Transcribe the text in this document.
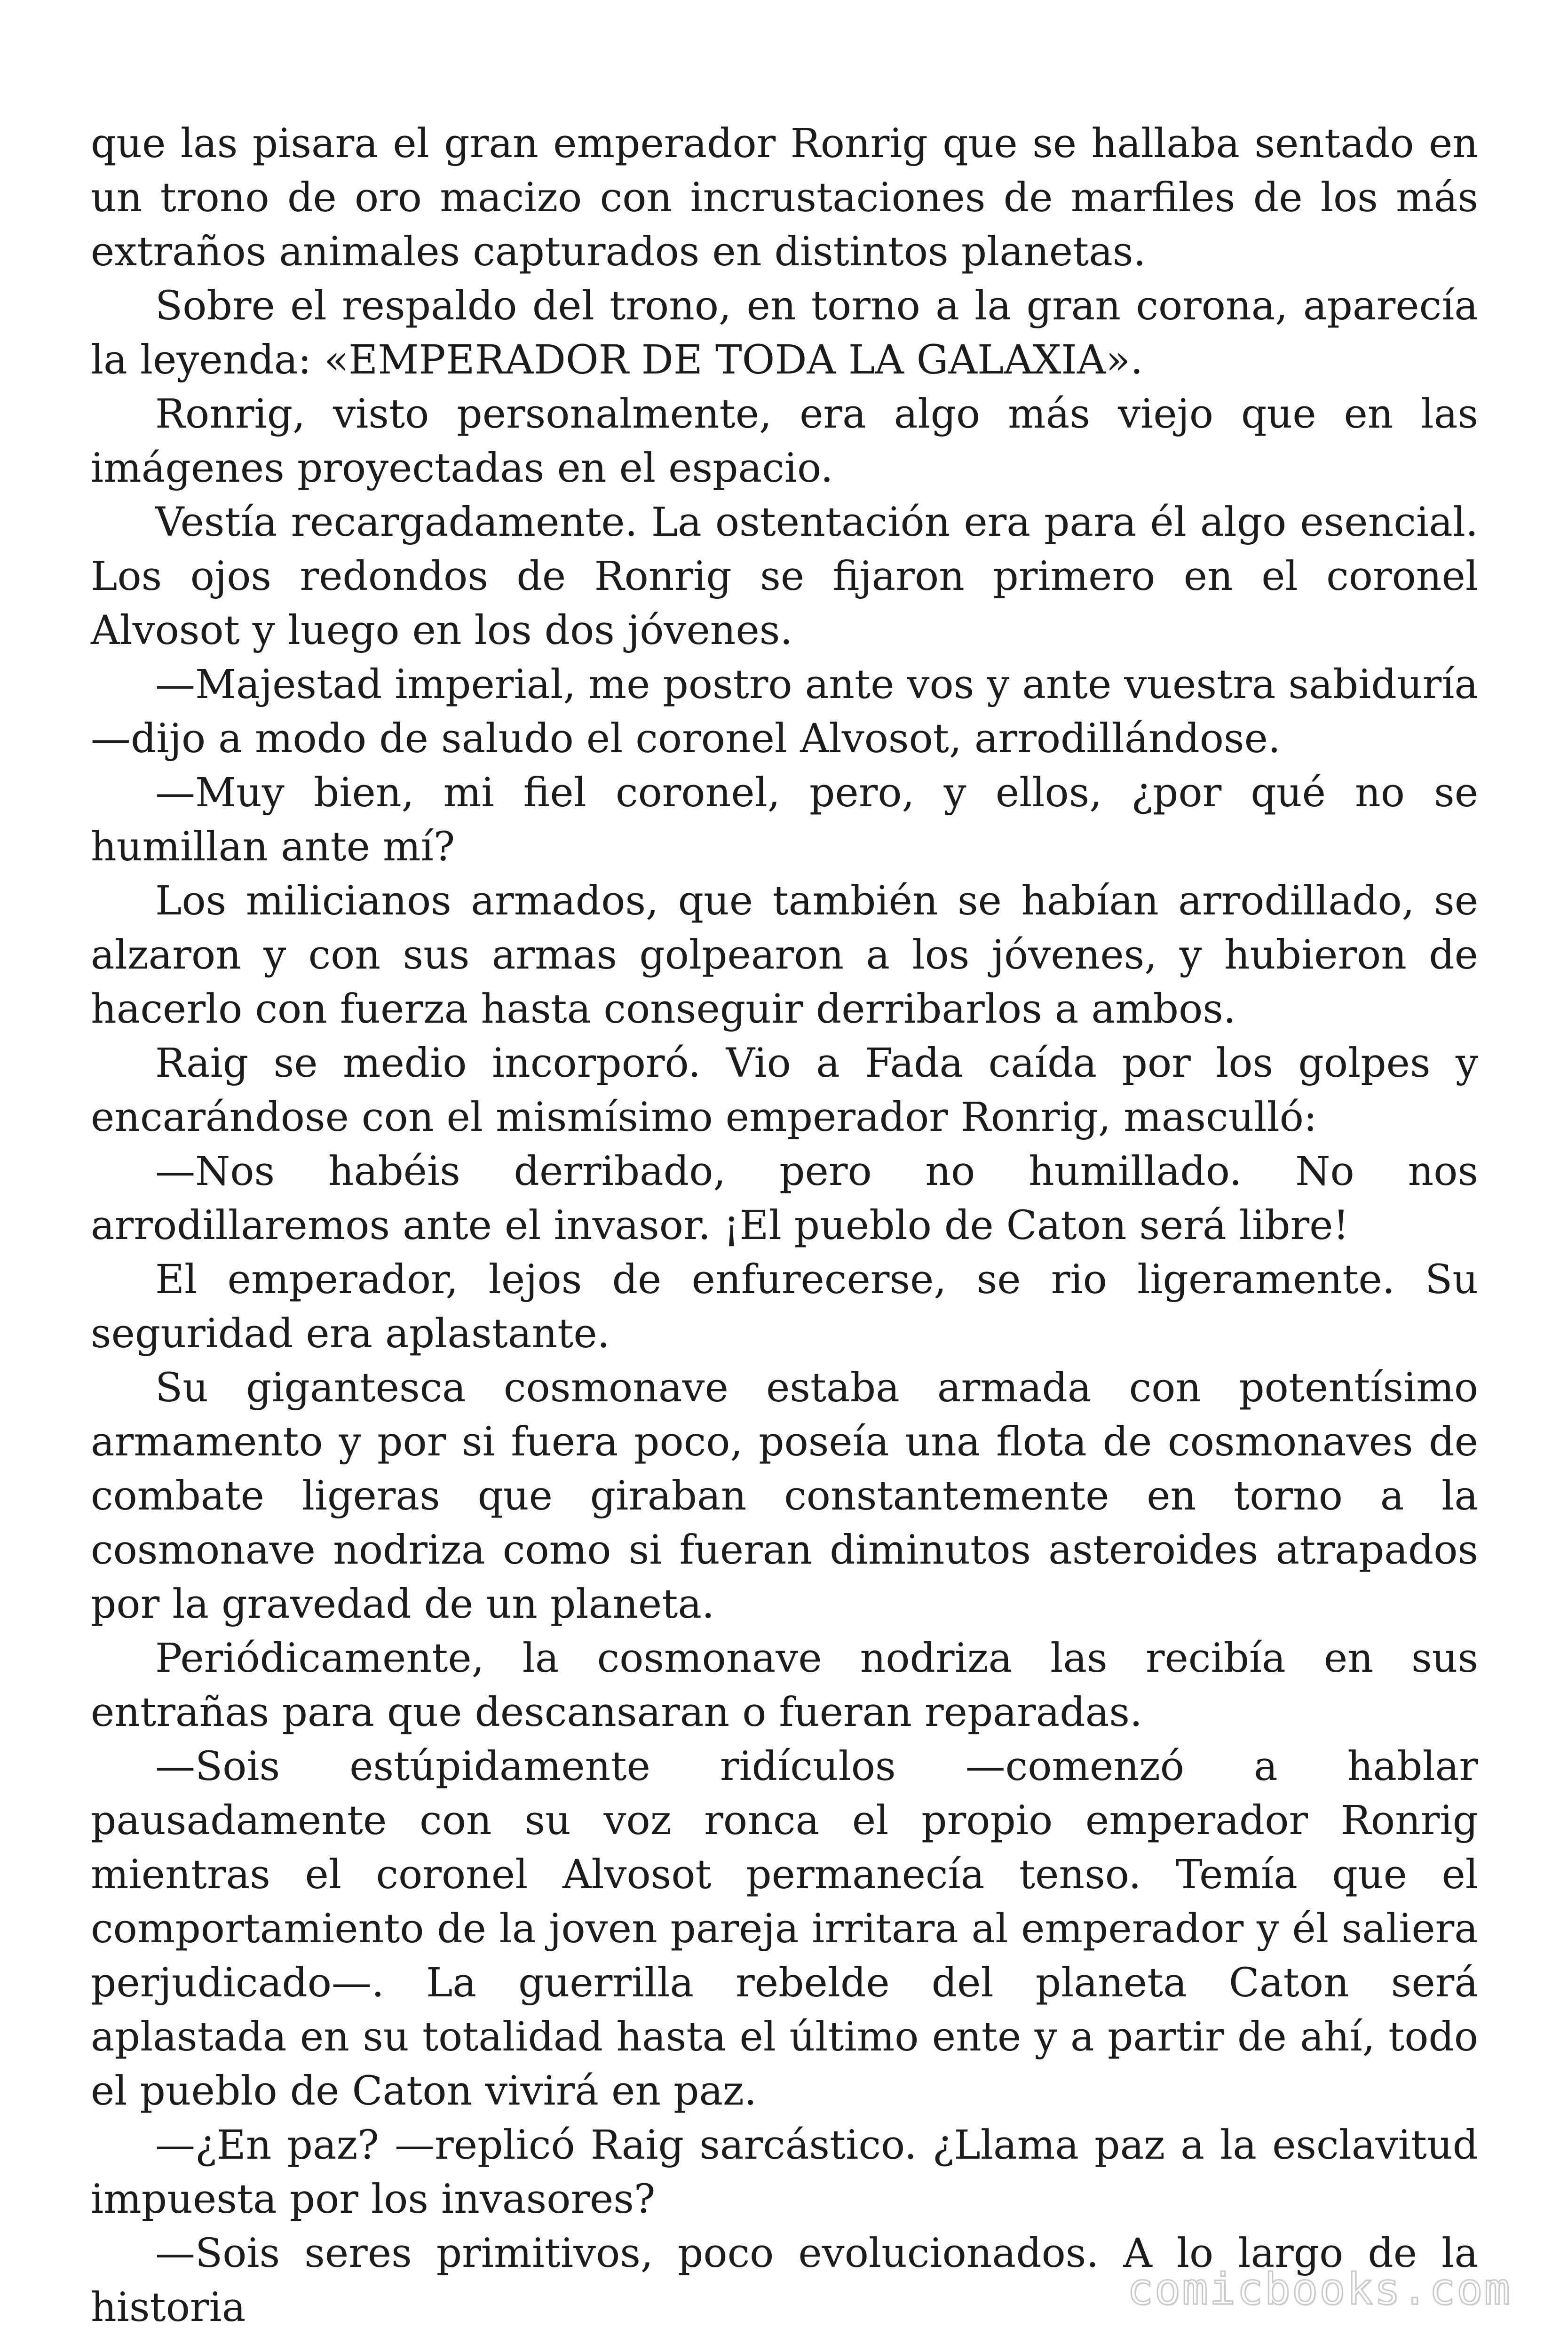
que las pisara el gran emperador Ronrig que se hallaba sentado en un trono de oro macizo con incrustaciones de marfiles de los más extraños animales capturados en distintos planetas.

Sobre el respaldo del trono, en torno a la gran corona, aparecía la leyenda: «EMPERADOR DE TODA LA GALAXIA».

Ronrig, visto personalmente, era algo más viejo que en las imágenes proyectadas en el espacio.

Vestía recargadamente. La ostentación era para él algo esencial. Los ojos redondos de Ronrig se fijaron primero en el coronel Alvosot y luego en los dos jóvenes.

—Majestad imperial, me postro ante vos y ante vuestra sabiduría —dijo a modo de saludo el coronel Alvosot, arrodillándose.

—Muy bien, mi fiel coronel, pero, y ellos, ¿por qué no se humillan ante mí?

Los milicianos armados, que también se habían arrodillado, se alzaron y con sus armas golpearon a los jóvenes, y hubieron de hacerlo con fuerza hasta conseguir derribarlos a ambos.

Raig se medio incorporó. Vio a Fada caída por los golpes y encarándose con el mismísimo emperador Ronrig, masculló:

—Nos habéis derribado, pero no humillado. No nos arrodillaremos ante el invasor. ¡El pueblo de Caton será libre!

El emperador, lejos de enfurecerse, se rio ligeramente. Su seguridad era aplastante.

Su gigantesca cosmonave estaba armada con potentísimo armamento y por si fuera poco, poseía una flota de cosmonaves de combate ligeras que giraban constantemente en torno a la cosmonave nodriza como si fueran diminutos asteroides atrapados por la gravedad de un planeta.

Periódicamente, la cosmonave nodriza las recibía en sus entrañas para que descansaran o fueran reparadas.

—Sois estúpidamente ridículos —comenzó a hablar pausadamente con su voz ronca el propio emperador Ronrig mientras el coronel Alvosot permanecía tenso. Temía que el comportamiento de la joven pareja irritara al emperador y él saliera perjudicado—. La guerrilla rebelde del planeta Caton será aplastada en su totalidad hasta el último ente y a partir de ahí, todo el pueblo de Caton vivirá en paz.

—¿En paz? —replicó Raig sarcástico. ¿Llama paz a la esclavitud impuesta por los invasores?

—Sois seres primitivos, poco evolucionados. A lo largo de la historia	comicbooks.com
